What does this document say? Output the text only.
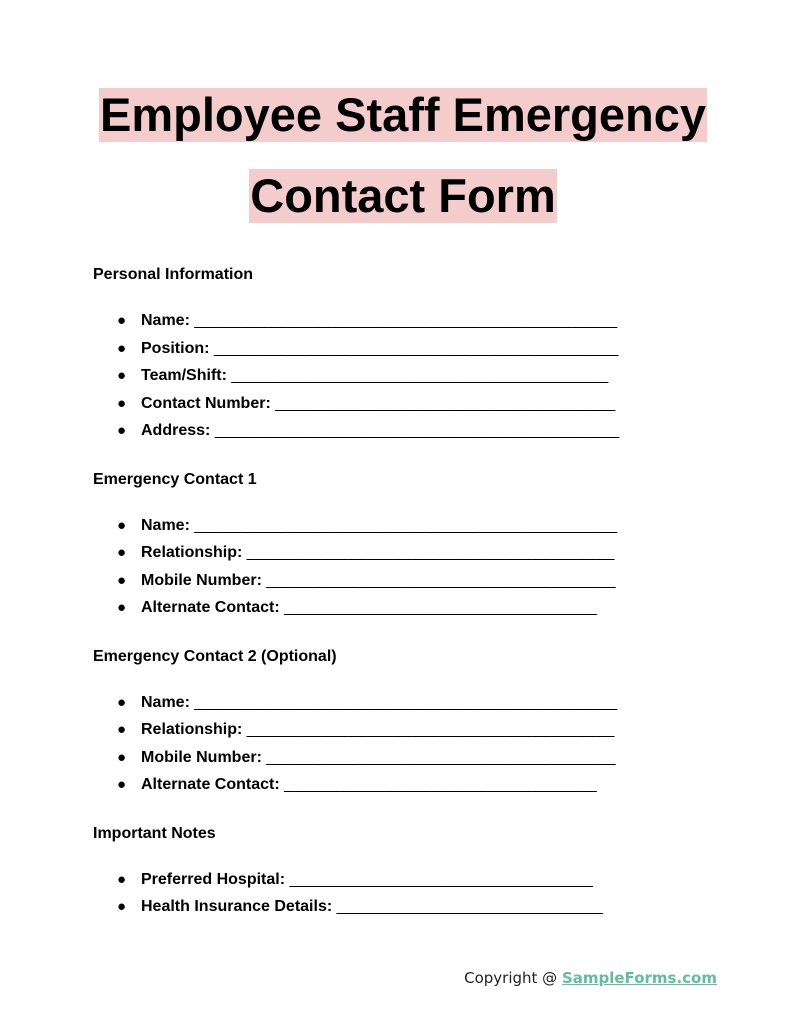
Employee Staff Emergency
Contact Form
Personal Information
● Name: ______________________________________________
● Position: ____________________________________________
● Team/Shift: _________________________________________
● Contact Number: _____________________________________
● Address: ____________________________________________
Emergency Contact 1
● Name: ______________________________________________
● Relationship: ________________________________________
● Mobile Number: ______________________________________
● Alternate Contact: __________________________________
Emergency Contact 2 (Optional)
● Name: ______________________________________________
● Relationship: ________________________________________
● Mobile Number: ______________________________________
● Alternate Contact: __________________________________
Important Notes
● Preferred Hospital: _________________________________
● Health Insurance Details: _____________________________
Copyright @ SampleForms.com
